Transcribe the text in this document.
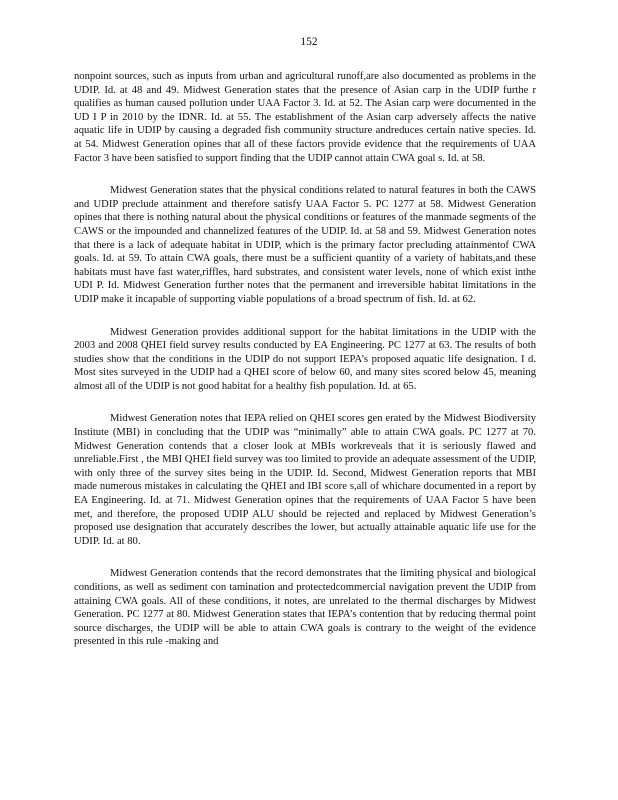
152

nonpoint sources, such as inputs from urban and agricultural runoff,are also documented as problems in the UDIP. Id. at 48 and 49. Midwest Generation states that the presence of Asian carp in the UDIP furthe r qualifies as human caused pollution under UAA Factor 3. Id. at 52. The Asian carp were documented in the UD I P in 2010 by the IDNR. Id. at 55. The establishment of the Asian carp adversely affects the native aquatic life in UDIP by causing a degraded fish community structure andreduces certain native species. Id. at 54. Midwest Generation opines that all of these factors provide evidence that the requirements of UAA Factor 3 have been satisfied to support finding that the UDIP cannot attain CWA goal s. Id. at 58.

Midwest Generation states that the physical conditions related to natural features in both the CAWS and UDIP preclude attainment and therefore satisfy UAA Factor 5. PC 1277 at 58. Midwest Generation opines that there is nothing natural about the physical conditions or features of the manmade segments of the CAWS or the impounded and channelized features of the UDIP. Id. at 58 and 59. Midwest Generation notes that there is a lack of adequate habitat in UDIP, which is the primary factor precluding attainmentof CWA goals. Id. at 59. To attain CWA goals, there must be a sufficient quantity of a variety of habitats,and these habitats must have fast water,riffles, hard substrates, and consistent water levels, none of which exist inthe UDI P. Id. Midwest Generation further notes that the permanent and irreversible habitat limitations in the UDIP make it incapable of supporting viable populations of a broad spectrum of fish. Id. at 62.

Midwest Generation provides additional support for the habitat limitations in the UDIP with the 2003 and 2008 QHEI field survey results conducted by EA Engineering. PC 1277 at 63. The results of both studies show that the conditions in the UDIP do not support IEPA’s proposed aquatic life designation. I d. Most sites surveyed in the UDIP had a QHEI score of below 60, and many sites scored below 45, meaning almost all of the UDIP is not good habitat for a healthy fish population. Id. at 65.

Midwest Generation notes that IEPA relied on QHEI scores gen erated by the Midwest Biodiversity Institute (MBI) in concluding that the UDIP was “minimally” able to attain CWA goals. PC 1277 at 70. Midwest Generation contends that a closer look at MBIs workreveals that it is seriously flawed and unreliable.First , the MBI QHEI field survey was too limited to provide an adequate assessment of the UDIP, with only three of the survey sites being in the UDIP. Id. Second, Midwest Generation reports that MBI made numerous mistakes in calculating the QHEI and IBI score s,all of whichare documented in a report by EA Engineering. Id. at 71. Midwest Generation opines that the requirements of UAA Factor 5 have been met, and therefore, the proposed UDIP ALU should be rejected and replaced by Midwest Generation’s proposed use designation that accurately describes the lower, but actually attainable aquatic life use for the UDIP. Id. at 80.

Midwest Generation contends that the record demonstrates that the limiting physical and biological conditions, as well as sediment con tamination and protectedcommercial navigation prevent the UDIP from attaining CWA goals. All of these conditions, it notes, are unrelated to the thermal discharges by Midwest Generation. PC 1277 at 80. Midwest Generation states that IEPA’s contention that by reducing thermal point source discharges, the UDIP will be able to attain CWA goals is contrary to the weight of the evidence presented in this rule -making and
